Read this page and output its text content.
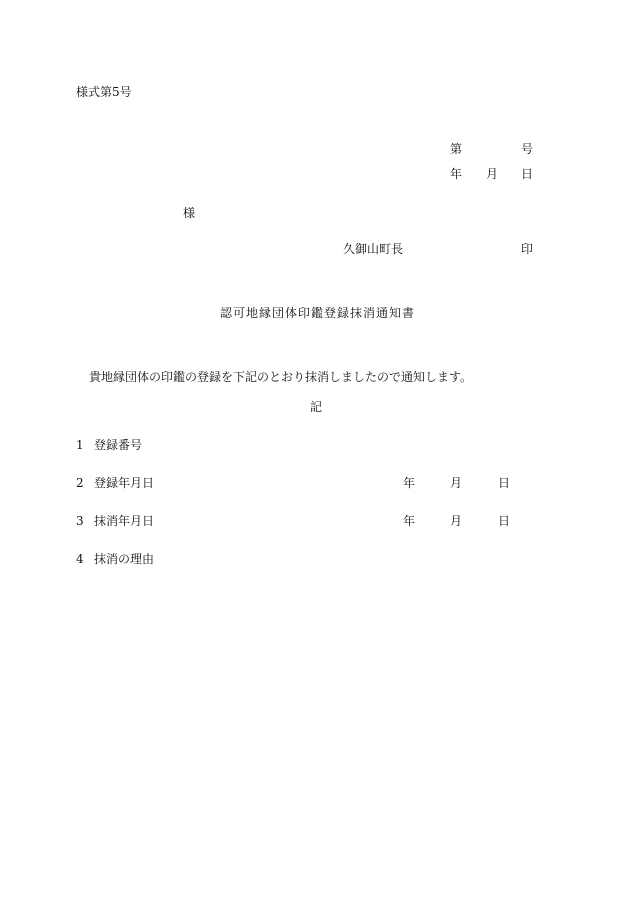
様式第5号
第	号
年 月 日
様
久御山町長	印
認可地縁団体印鑑登録抹消通知書
貴地縁団体の印鑑の登録を下記のとおり抹消しましたので通知します。
記
1 登録番号
2 登録年月日	年	月	日
3 抹消年月日	年	月	日
4 抹消の理由
